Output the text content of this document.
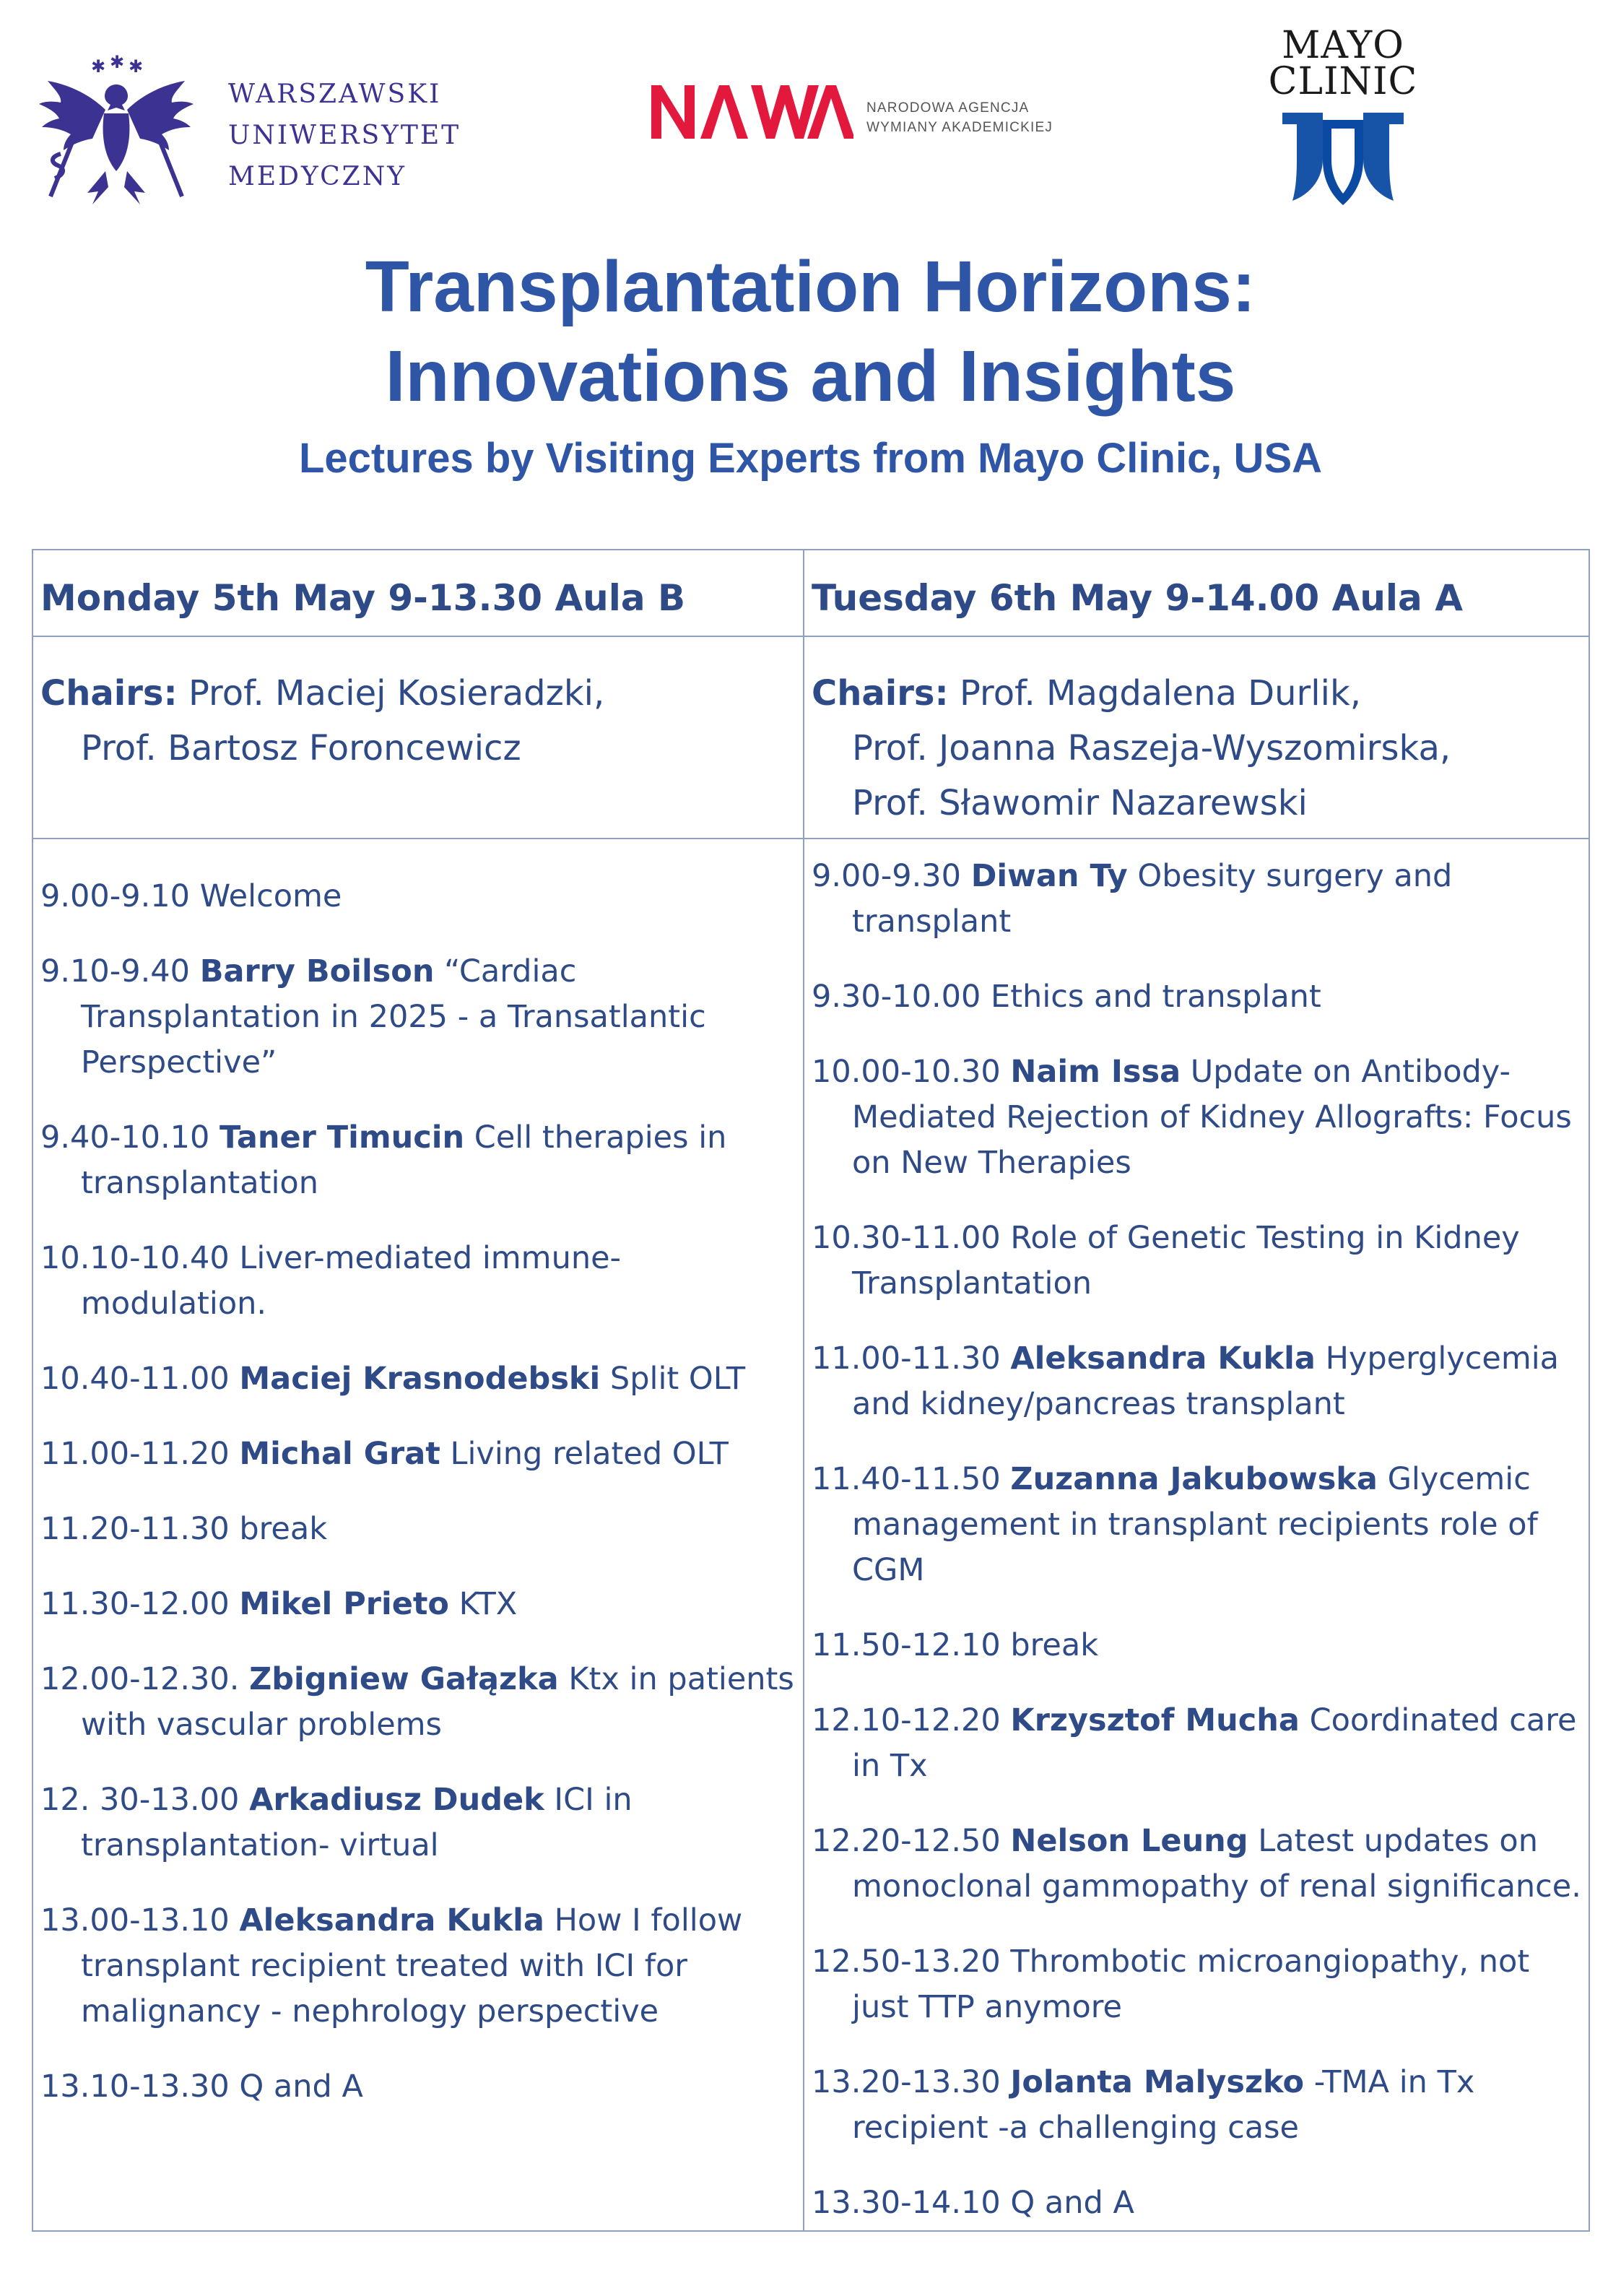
✱ ✱ ✱
WARSZAWSKI
UNIWERSYTET
MEDYCZNY
NARODOWA AGENCJA
WYMIANY AKADEMICKIEJ
MAYO
CLINIC
Transplantation Horizons:
Innovations and Insights
Lectures by Visiting Experts from Mayo Clinic, USA
Monday 5th May 9-13.30 Aula B
Chairs: Prof. Maciej Kosieradzki,
Prof. Bartosz Foroncewicz
9.00-9.10 Welcome
9.10-9.40 Barry Boilson “Cardiac
Transplantation in 2025 - a Transatlantic
Perspective”
9.40-10.10 Taner Timucin Cell therapies in
transplantation
10.10-10.40 Liver-mediated immune-
modulation.
10.40-11.00 Maciej Krasnodebski Split OLT
11.00-11.20 Michal Grat Living related OLT
11.20-11.30 break
11.30-12.00 Mikel Prieto KTX
12.00-12.30. Zbigniew Gałązka Ktx in patients
with vascular problems
12. 30-13.00 Arkadiusz Dudek ICI in
transplantation- virtual
13.00-13.10 Aleksandra Kukla How I follow
transplant recipient treated with ICI for
malignancy - nephrology perspective
13.10-13.30 Q and A
Tuesday 6th May 9-14.00 Aula A
Chairs: Prof. Magdalena Durlik,
Prof. Joanna Raszeja-Wyszomirska,
Prof. Sławomir Nazarewski
9.00-9.30 Diwan Ty Obesity surgery and
transplant
9.30-10.00 Ethics and transplant
10.00-10.30 Naim Issa Update on Antibody-
Mediated Rejection of Kidney Allografts: Focus
on New Therapies
10.30-11.00 Role of Genetic Testing in Kidney
Transplantation
11.00-11.30 Aleksandra Kukla Hyperglycemia
and kidney/pancreas transplant
11.40-11.50 Zuzanna Jakubowska Glycemic
management in transplant recipients role of
CGM
11.50-12.10 break
12.10-12.20 Krzysztof Mucha Coordinated care
in Tx
12.20-12.50 Nelson Leung Latest updates on
monoclonal gammopathy of renal significance.
12.50-13.20 Thrombotic microangiopathy, not
just TTP anymore
13.20-13.30 Jolanta Malyszko -TMA in Tx
recipient -a challenging case
13.30-14.10 Q and A
